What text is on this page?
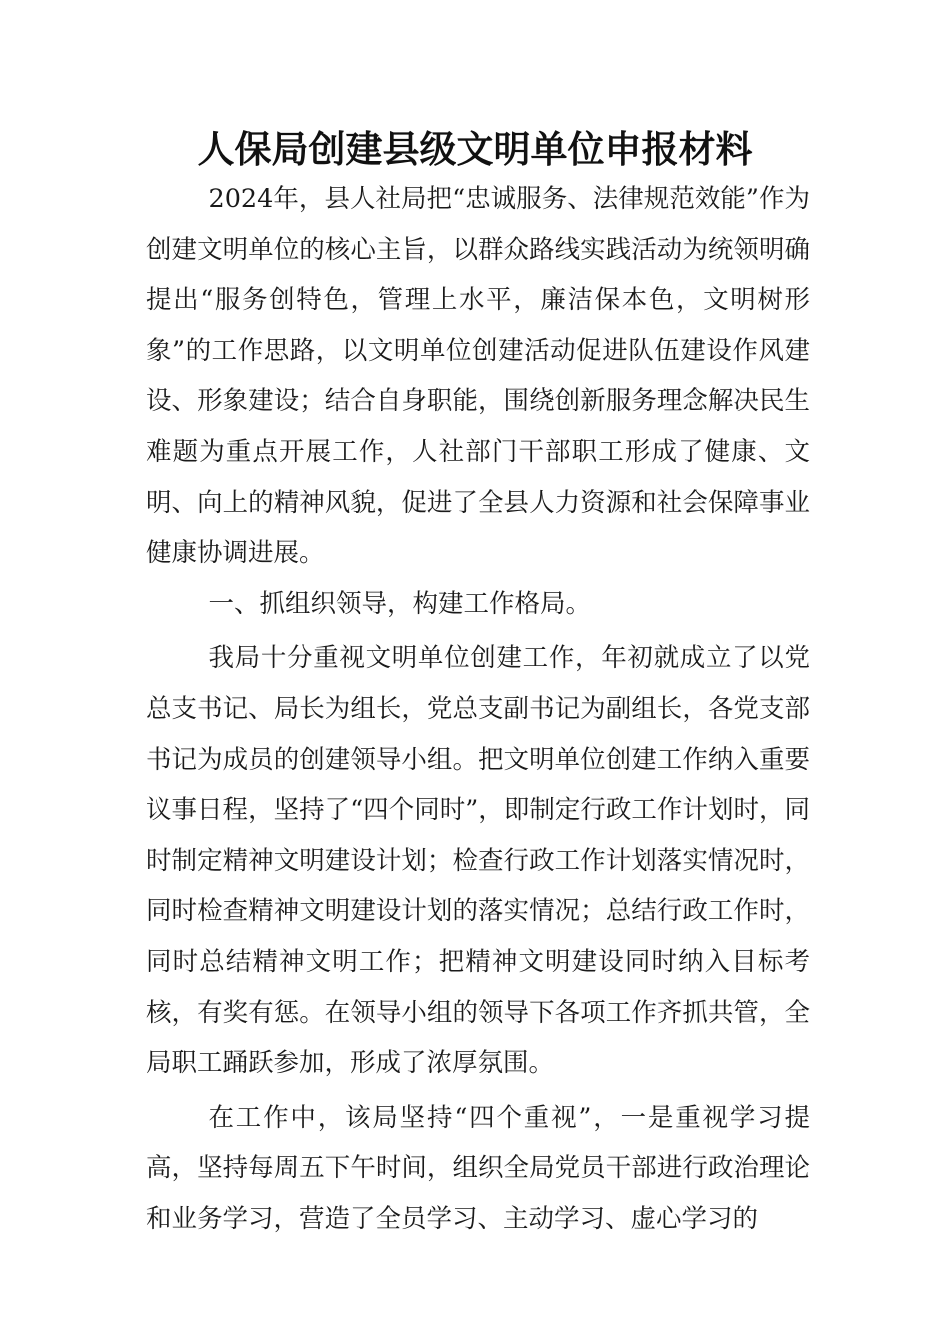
人保局创建县级文明单位申报材料

2024年，县人社局把“忠诚服务、法律规范效能”作为创建文明单位的核心主旨，以群众路线实践活动为统领明确提出“服务创特色，管理上水平，廉洁保本色，文明树形象”的工作思路，以文明单位创建活动促进队伍建设作风建设、形象建设；结合自身职能，围绕创新服务理念解决民生难题为重点开展工作，人社部门干部职工形成了健康、文明、向上的精神风貌，促进了全县人力资源和社会保障事业健康协调进展。

一、抓组织领导，构建工作格局。

我局十分重视文明单位创建工作，年初就成立了以党总支书记、局长为组长，党总支副书记为副组长，各党支部书记为成员的创建领导小组。把文明单位创建工作纳入重要议事日程，坚持了“四个同时”，即制定行政工作计划时，同时制定精神文明建设计划；检查行政工作计划落实情况时，同时检查精神文明建设计划的落实情况；总结行政工作时，同时总结精神文明工作；把精神文明建设同时纳入目标考核，有奖有惩。在领导小组的领导下各项工作齐抓共管，全局职工踊跃参加，形成了浓厚氛围。

在工作中，该局坚持“四个重视”，一是重视学习提高，坚持每周五下午时间，组织全局党员干部进行政治理论和业务学习，营造了全员学习、主动学习、虚心学习的
